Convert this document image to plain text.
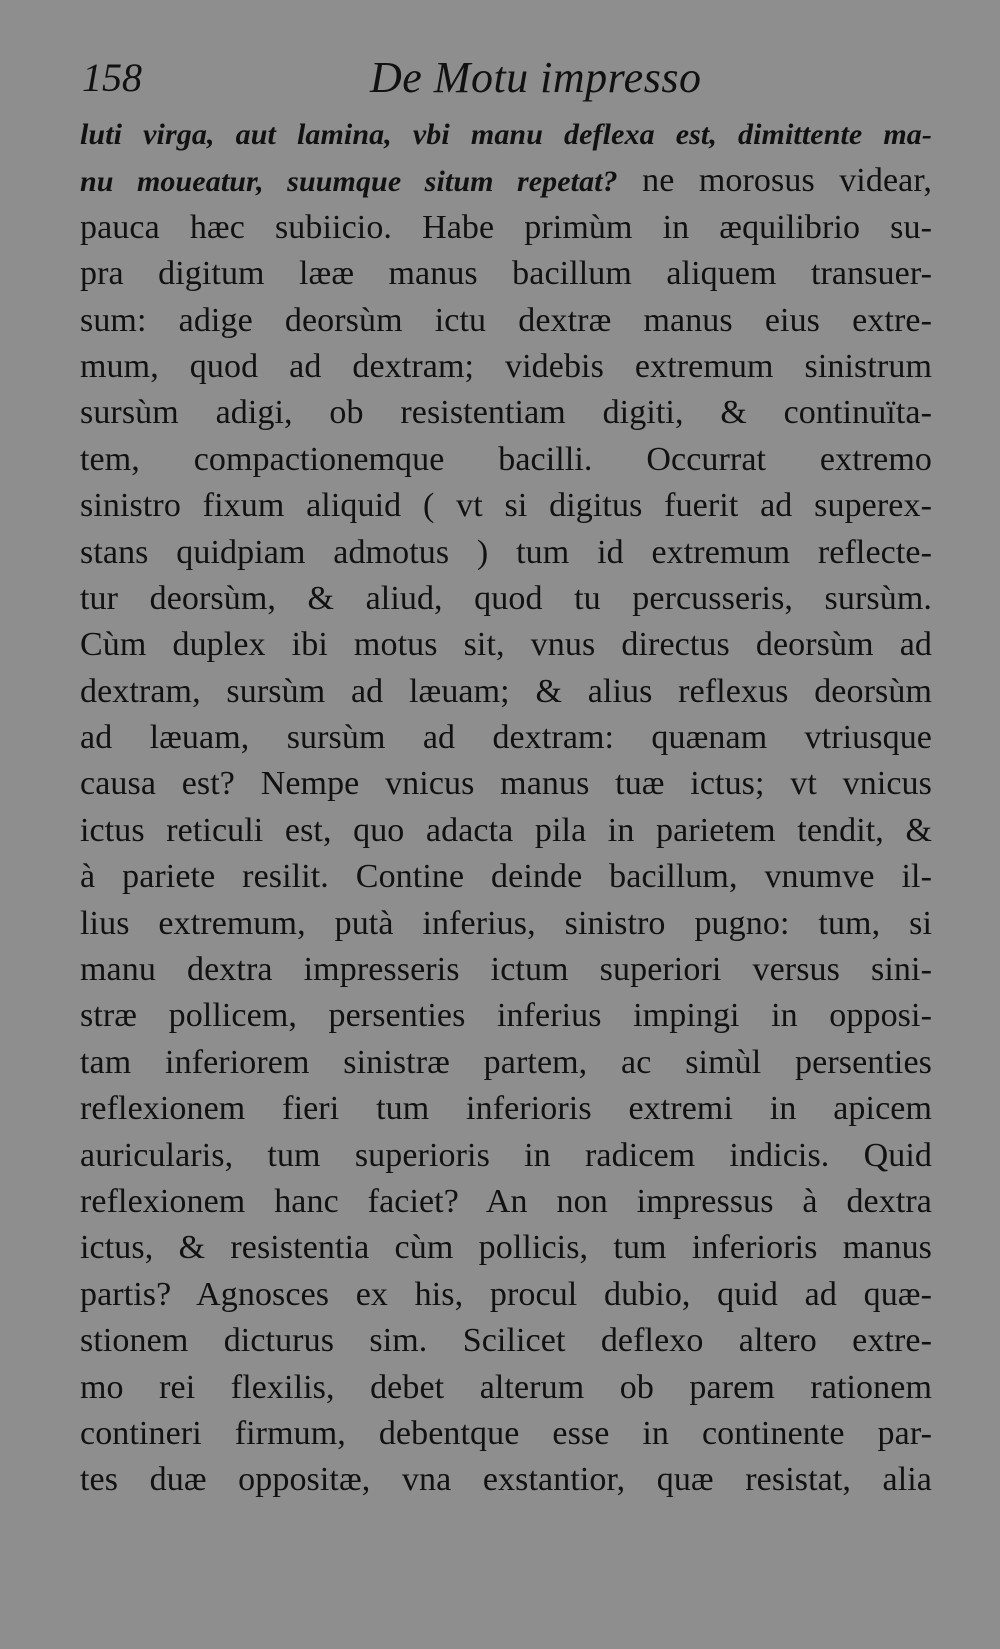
158	De Motu impresso
luti virga, aut lamina, vbi manu deflexa est, dimittente ma-
nu moueatur, suumque situm repetat? ne morosus videar,
pauca hæc subiicio. Habe primùm in æquilibrio su-
pra digitum lææ manus bacillum aliquem transuer-
sum: adige deorsùm ictu dextræ manus eius extre-
mum, quod ad dextram; videbis extremum sinistrum
sursùm adigi, ob resistentiam digiti, & continuïta-
tem, compactionemque bacilli. Occurrat extremo
sinistro fixum aliquid ( vt si digitus fuerit ad superex-
stans quidpiam admotus ) tum id extremum reflecte-
tur deorsùm, & aliud, quod tu percusseris, sursùm.
Cùm duplex ibi motus sit, vnus directus deorsùm ad
dextram, sursùm ad læuam; & alius reflexus deorsùm
ad læuam, sursùm ad dextram: quænam vtriusque
causa est? Nempe vnicus manus tuæ ictus; vt vnicus
ictus reticuli est, quo adacta pila in parietem tendit, &
à pariete resilit. Contine deinde bacillum, vnumve il-
lius extremum, putà inferius, sinistro pugno: tum, si
manu dextra impresseris ictum superiori versus sini-
stræ pollicem, persenties inferius impingi in opposi-
tam inferiorem sinistræ partem, ac simùl persenties
reflexionem fieri tum inferioris extremi in apicem
auricularis, tum superioris in radicem indicis. Quid
reflexionem hanc faciet? An non impressus à dextra
ictus, & resistentia cùm pollicis, tum inferioris manus
partis? Agnosces ex his, procul dubio, quid ad quæ-
stionem dicturus sim. Scilicet deflexo altero extre-
mo rei flexilis, debet alterum ob parem rationem
contineri firmum, debentque esse in continente par-
tes duæ oppositæ, vna exstantior, quæ resistat, alia
